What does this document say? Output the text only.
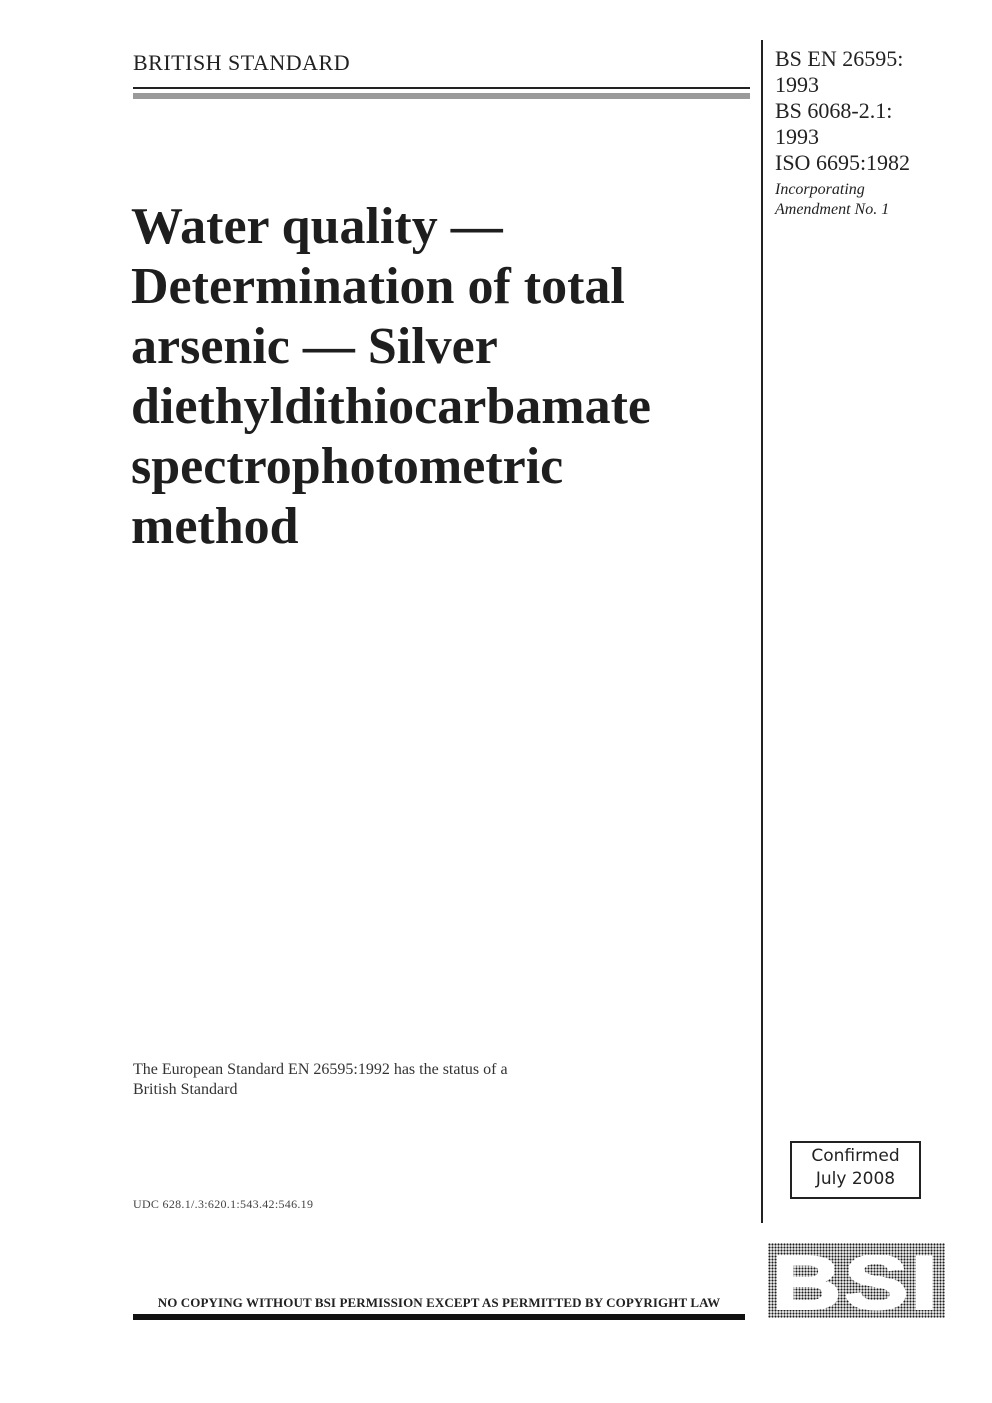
BRITISH STANDARD	BS EN 26595:
1993
BS 6068-2.1:
1993
ISO 6695:1982
Incorporating
Amendment No. 1
Water quality —
Determination of total
arsenic — Silver
diethyldithiocarbamate
spectrophotometric
method
The European Standard EN 26595:1992 has the status of a
British Standard
UDC 628.1/.3:620.1:543.42:546.19
Confirmed
July 2008
NO COPYING WITHOUT BSI PERMISSION EXCEPT AS PERMITTED BY COPYRIGHT LAW BSI
